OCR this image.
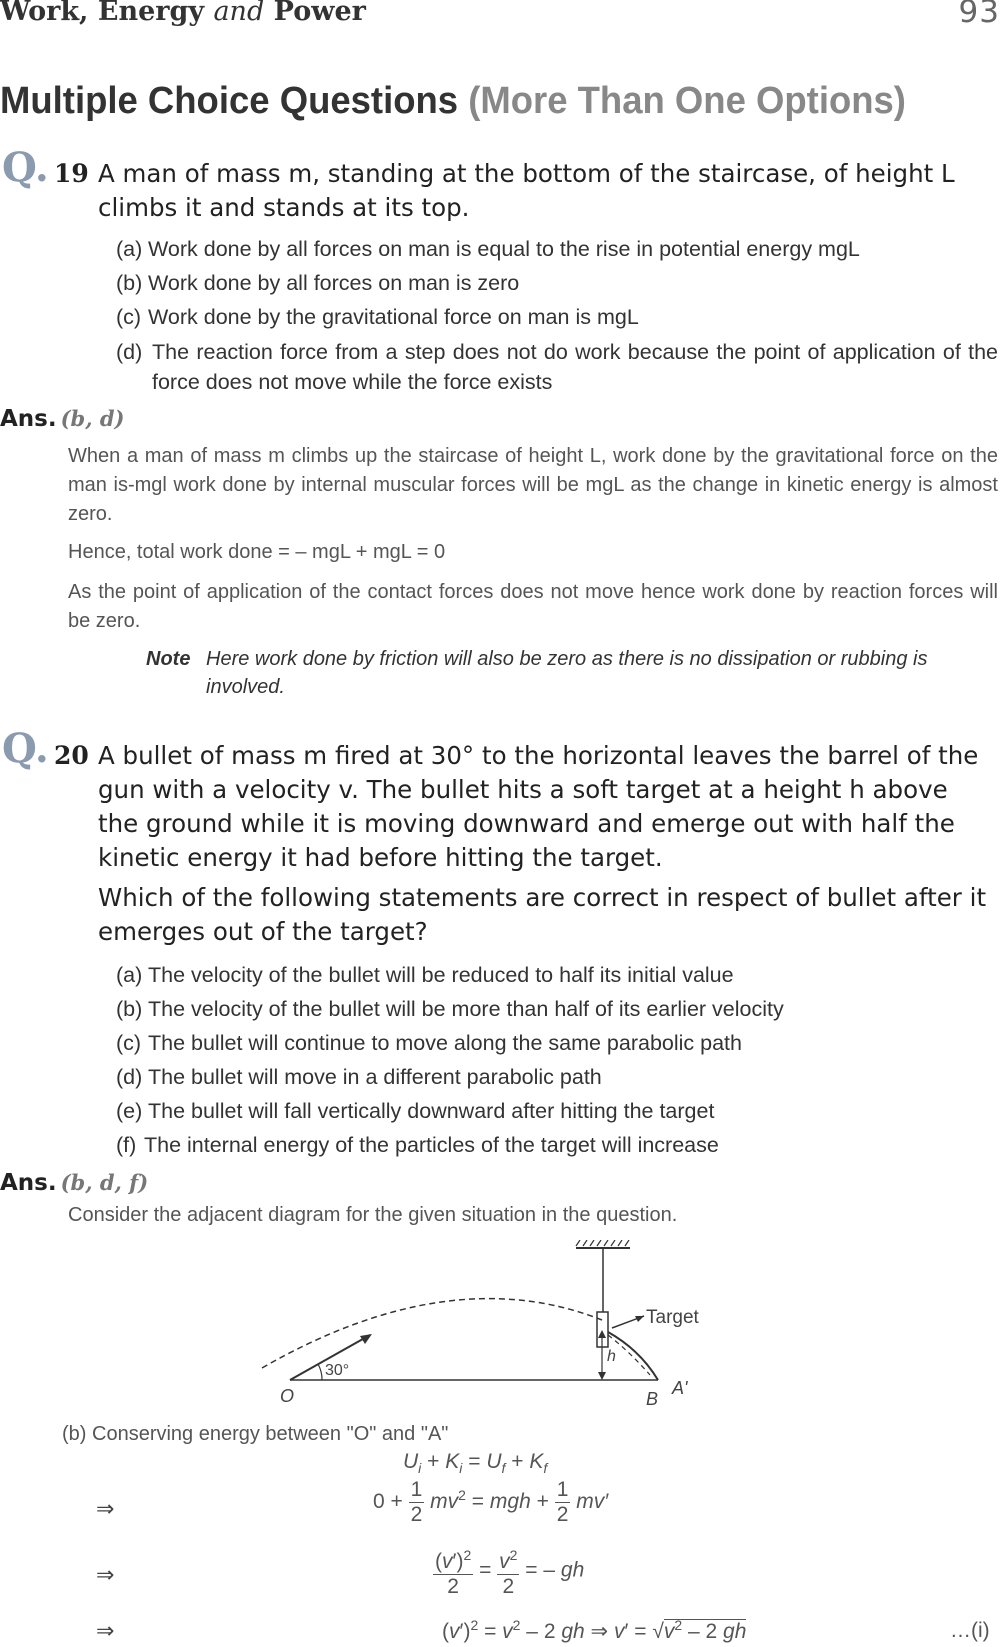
Work, Energy and Power	93
Multiple Choice Questions (More Than One Options)
Q. 19 A man of mass m, standing at the bottom of the staircase, of height L
climbs it and stands at its top.
(a) Work done by all forces on man is equal to the rise in potential energy mgL
(b) Work done by all forces on man is zero
(c) Work done by the gravitational force on man is mgL
(d) The reaction force from a step does not do work because the point of application of the force does not move while the force exists
Ans. (b, d)
When a man of mass m climbs up the staircase of height L, work done by the gravitational force on the man is-mgl work done by internal muscular forces will be mgL as the change in kinetic energy is almost zero.
Hence, total work done = – mgL + mgL = 0
As the point of application of the contact forces does not move hence work done by reaction forces will be zero.
Note Here work done by friction will also be zero as there is no dissipation or rubbing is involved.
Q. 20 A bullet of mass m fired at 30° to the horizontal leaves the barrel of the
gun with a velocity v. The bullet hits a soft target at a height h above
the ground while it is moving downward and emerge out with half the
kinetic energy it had before hitting the target.
Which of the following statements are correct in respect of bullet after it
emerges out of the target?
(a) The velocity of the bullet will be reduced to half its initial value
(b) The velocity of the bullet will be more than half of its earlier velocity
(c) The bullet will continue to move along the same parabolic path
(d) The bullet will move in a different parabolic path
(e) The bullet will fall vertically downward after hitting the target
(f) The internal energy of the particles of the target will increase
Ans. (b, d, f)
Consider the adjacent diagram for the given situation in the question.
Target
30°
h
O	B
A'
(b) Conserving energy between "O" and "A"
$U_i + K_i = U_f + K_f$
⇒	$0 + \frac{1}{2} mv^2$ = mgh + $\frac{1}{2} mv'$
⇒	$\frac{(v')^2}{2} = \frac{v^2}{2}$ = – gh
⇒	$(v')^2 = v^2 - 2$ gh ⇒ $v' = √v^2 - 2$ gh	…(i)
